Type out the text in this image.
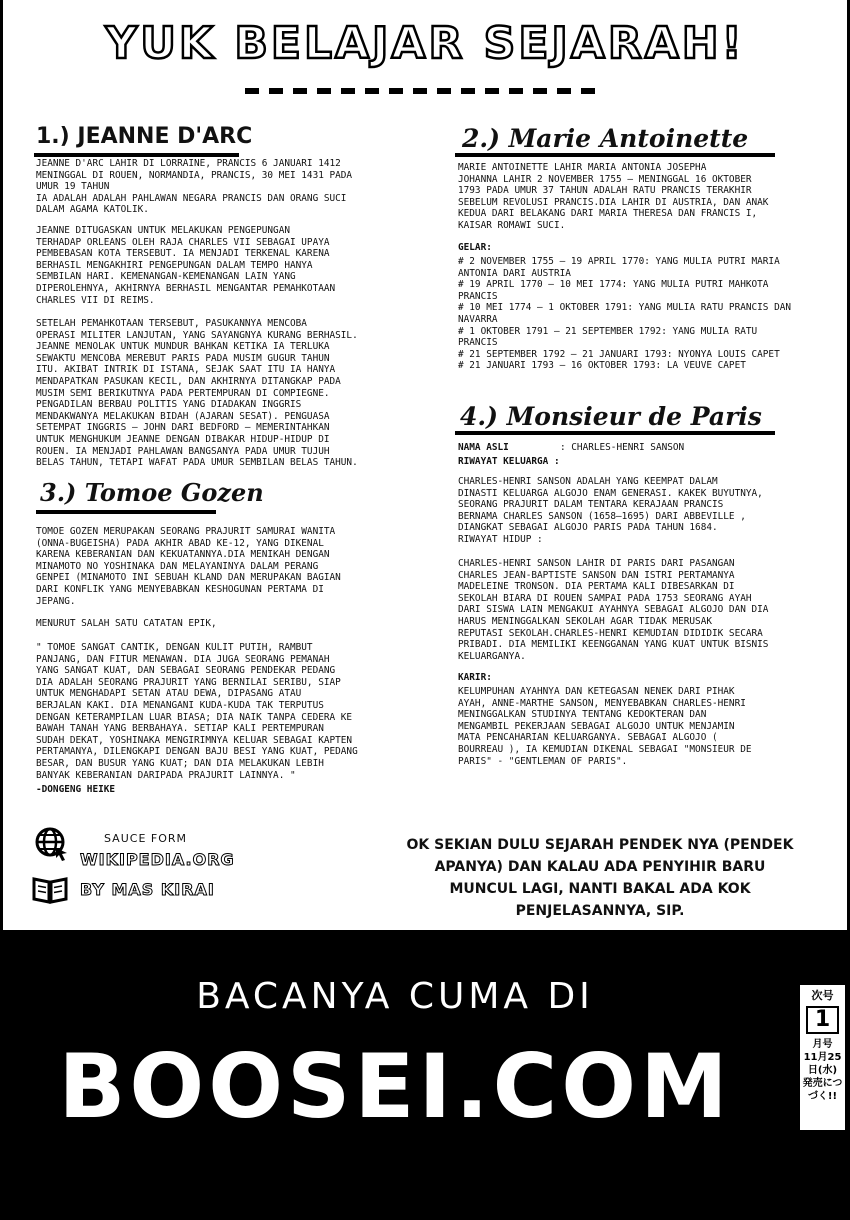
YUK BELAJAR SEJARAH!
1.) JEANNE D'ARC
JEANNE D'ARC LAHIR DI LORRAINE, PRANCIS 6 JANUARI 1412
MENINGGAL DI ROUEN, NORMANDIA, PRANCIS, 30 MEI 1431 PADA
UMUR 19 TAHUN
IA ADALAH ADALAH PAHLAWAN NEGARA PRANCIS DAN ORANG SUCI
DALAM AGAMA KATOLIK.
JEANNE DITUGASKAN UNTUK MELAKUKAN PENGEPUNGAN
TERHADAP ORLEANS OLEH RAJA CHARLES VII SEBAGAI UPAYA
PEMBEBASAN KOTA TERSEBUT. IA MENJADI TERKENAL KARENA
BERHASIL MENGAKHIRI PENGEPUNGAN DALAM TEMPO HANYA
SEMBILAN HARI. KEMENANGAN-KEMENANGAN LAIN YANG
DIPEROLEHNYA, AKHIRNYA BERHASIL MENGANTAR PEMAHKOTAAN
CHARLES VII DI REIMS.
SETELAH PEMAHKOTAAN TERSEBUT, PASUKANNYA MENCOBA
OPERASI MILITER LANJUTAN, YANG SAYANGNYA KURANG BERHASIL.
JEANNE MENOLAK UNTUK MUNDUR BAHKAN KETIKA IA TERLUKA
SEWAKTU MENCOBA MEREBUT PARIS PADA MUSIM GUGUR TAHUN
ITU. AKIBAT INTRIK DI ISTANA, SEJAK SAAT ITU IA HANYA
MENDAPATKAN PASUKAN KECIL, DAN AKHIRNYA DITANGKAP PADA
MUSIM SEMI BERIKUTNYA PADA PERTEMPURAN DI COMPIEGNE.
PENGADILAN BERBAU POLITIS YANG DIADAKAN INGGRIS
MENDAKWANYA MELAKUKAN BIDAH (AJARAN SESAT). PENGUASA
SETEMPAT INGGRIS – JOHN DARI BEDFORD – MEMERINTAHKAN
UNTUK MENGHUKUM JEANNE DENGAN DIBAKAR HIDUP-HIDUP DI
ROUEN. IA MENJADI PAHLAWAN BANGSANYA PADA UMUR TUJUH
BELAS TAHUN, TETAPI WAFAT PADA UMUR SEMBILAN BELAS TAHUN.
3.) Tomoe Gozen
TOMOE GOZEN MERUPAKAN SEORANG PRAJURIT SAMURAI WANITA
(ONNA-BUGEISHA) PADA AKHIR ABAD KE-12, YANG DIKENAL
KARENA KEBERANIAN DAN KEKUATANNYA.DIA MENIKAH DENGAN
MINAMOTO NO YOSHINAKA DAN MELAYANINYA DALAM PERANG
GENPEI (MINAMOTO INI SEBUAH KLAND DAN MERUPAKAN BAGIAN
DARI KONFLIK YANG MENYEBABKAN KESHOGUNAN PERTAMA DI
JEPANG.
MENURUT SALAH SATU CATATAN EPIK,
" TOMOE SANGAT CANTIK, DENGAN KULIT PUTIH, RAMBUT
PANJANG, DAN FITUR MENAWAN. DIA JUGA SEORANG PEMANAH
YANG SANGAT KUAT, DAN SEBAGAI SEORANG PENDEKAR PEDANG
DIA ADALAH SEORANG PRAJURIT YANG BERNILAI SERIBU, SIAP
UNTUK MENGHADAPI SETAN ATAU DEWA, DIPASANG ATAU
BERJALAN KAKI. DIA MENANGANI KUDA-KUDA TAK TERPUTUS
DENGAN KETERAMPILAN LUAR BIASA; DIA NAIK TANPA CEDERA KE
BAWAH TANAH YANG BERBAHAYA. SETIAP KALI PERTEMPURAN
SUDAH DEKAT, YOSHINAKA MENGIRIMNYA KELUAR SEBAGAI KAPTEN
PERTAMANYA, DILENGKAPI DENGAN BAJU BESI YANG KUAT, PEDANG
BESAR, DAN BUSUR YANG KUAT; DAN DIA MELAKUKAN LEBIH
BANYAK KEBERANIAN DARIPADA PRAJURIT LAINNYA. "
-DONGENG HEIKE
2.) Marie Antoinette
MARIE ANTOINETTE LAHIR MARIA ANTONIA JOSEPHA
JOHANNA LAHIR 2 NOVEMBER 1755 – MENINGGAL 16 OKTOBER
1793 PADA UMUR 37 TAHUN ADALAH RATU PRANCIS TERAKHIR
SEBELUM REVOLUSI PRANCIS.DIA LAHIR DI AUSTRIA, DAN ANAK
KEDUA DARI BELAKANG DARI MARIA THERESA DAN FRANCIS I,
KAISAR ROMAWI SUCI.
GELAR:
# 2 NOVEMBER 1755 – 19 APRIL 1770: YANG MULIA PUTRI MARIA
ANTONIA DARI AUSTRIA
# 19 APRIL 1770 – 10 MEI 1774: YANG MULIA PUTRI MAHKOTA
PRANCIS
# 10 MEI 1774 – 1 OKTOBER 1791: YANG MULIA RATU PRANCIS DAN
NAVARRA
# 1 OKTOBER 1791 – 21 SEPTEMBER 1792: YANG MULIA RATU
PRANCIS
# 21 SEPTEMBER 1792 – 21 JANUARI 1793: NYONYA LOUIS CAPET
# 21 JANUARI 1793 – 16 OKTOBER 1793: LA VEUVE CAPET
4.) Monsieur de Paris
NAMA ASLI	: CHARLES-HENRI SANSON
RIWAYAT KELUARGA :
CHARLES-HENRI SANSON ADALAH YANG KEEMPAT DALAM
DINASTI KELUARGA ALGOJO ENAM GENERASI. KAKEK BUYUTNYA,
SEORANG PRAJURIT DALAM TENTARA KERAJAAN PRANCIS
BERNAMA CHARLES SANSON (1658–1695) DARI ABBEVILLE ,
DIANGKAT SEBAGAI ALGOJO PARIS PADA TAHUN 1684.
RIWAYAT HIDUP :
CHARLES-HENRI SANSON LAHIR DI PARIS DARI PASANGAN
CHARLES JEAN-BAPTISTE SANSON DAN ISTRI PERTAMANYA
MADELEINE TRONSON. DIA PERTAMA KALI DIBESARKAN DI
SEKOLAH BIARA DI ROUEN SAMPAI PADA 1753 SEORANG AYAH
DARI SISWA LAIN MENGAKUI AYAHNYA SEBAGAI ALGOJO DAN DIA
HARUS MENINGGALKAN SEKOLAH AGAR TIDAK MERUSAK
REPUTASI SEKOLAH.CHARLES-HENRI KEMUDIAN DIDIDIK SECARA
PRIBADI. DIA MEMILIKI KEENGGANAN YANG KUAT UNTUK BISNIS
KELUARGANYA.
KARIR:
KELUMPUHAN AYAHNYA DAN KETEGASAN NENEK DARI PIHAK
AYAH, ANNE-MARTHE SANSON, MENYEBABKAN CHARLES-HENRI
MENINGGALKAN STUDINYA TENTANG KEDOKTERAN DAN
MENGAMBIL PEKERJAAN SEBAGAI ALGOJO UNTUK MENJAMIN
MATA PENCAHARIAN KELUARGANYA. SEBAGAI ALGOJO (
BOURREAU ), IA KEMUDIAN DIKENAL SEBAGAI "MONSIEUR DE
PARIS" - "GENTLEMAN OF PARIS".
SAUCE FORM
WIKIPEDIA.ORG
BY MAS KIRAI
OK SEKIAN DULU SEJARAH PENDEK NYA (PENDEK APANYA) DAN KALAU ADA PENYIHIR BARU MUNCUL LAGI, NANTI BAKAL ADA KOK PENJELASANNYA, SIP.
BACANYA CUMA DI
BOOSEI.COM
次号
1
月号
11月25日(水)
発売につづく!!
